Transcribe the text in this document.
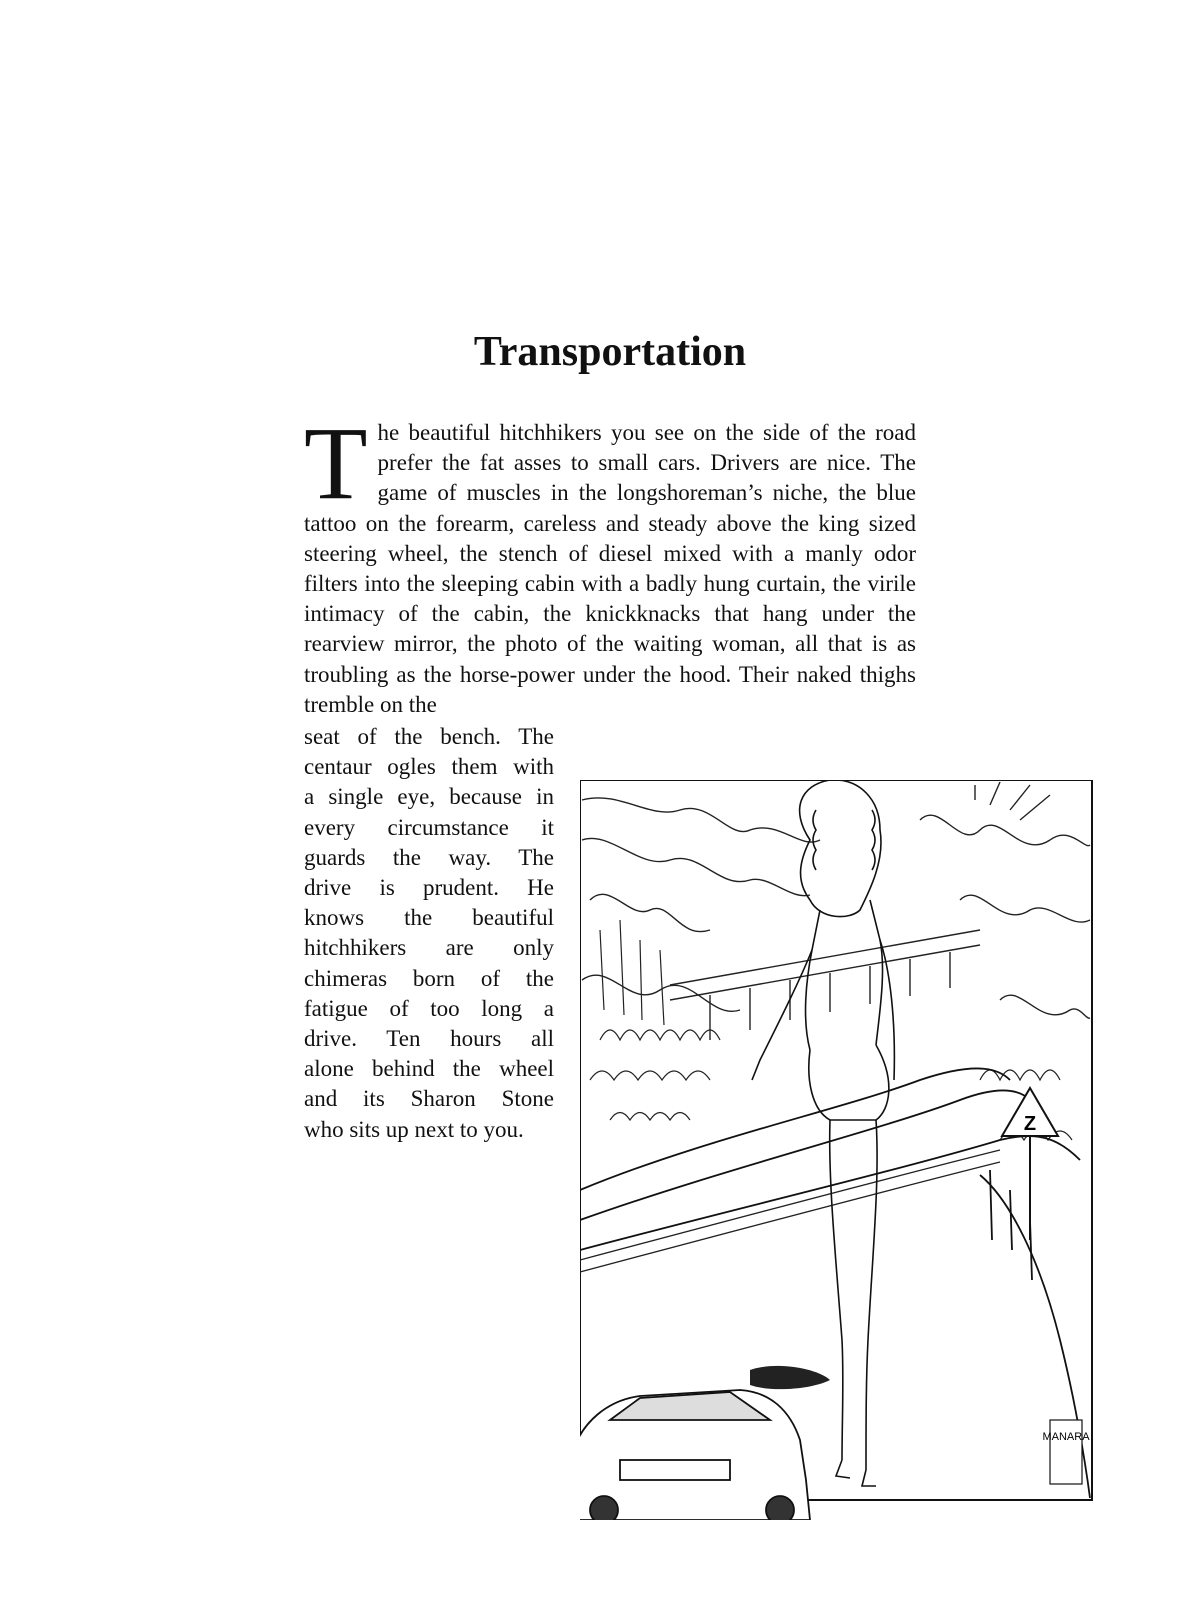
Transportation

The beautiful hitchhikers you see on the side of the road prefer the fat asses to small cars. Drivers are nice. The game of muscles in the longshoreman’s niche, the blue tattoo on the forearm, careless and steady above the king sized steering wheel, the stench of diesel mixed with a manly odor filters into the sleeping cabin with a badly hung curtain, the virile intimacy of the cabin, the knickknacks that hang under the rearview mirror, the photo of the waiting woman, all that is as troubling as the horse-power under the hood. Their naked thighs tremble on the

seat of the bench. The
centaur ogles them with
a single eye, because in
every circumstance it
guards the way. The
drive is prudent. He
knows the beautiful
hitchhikers are only
chimeras born of the
fatigue of too long a
drive. Ten hours all
alone behind the wheel
and its Sharon Stone
who sits up next to you.	Z
MANARA
